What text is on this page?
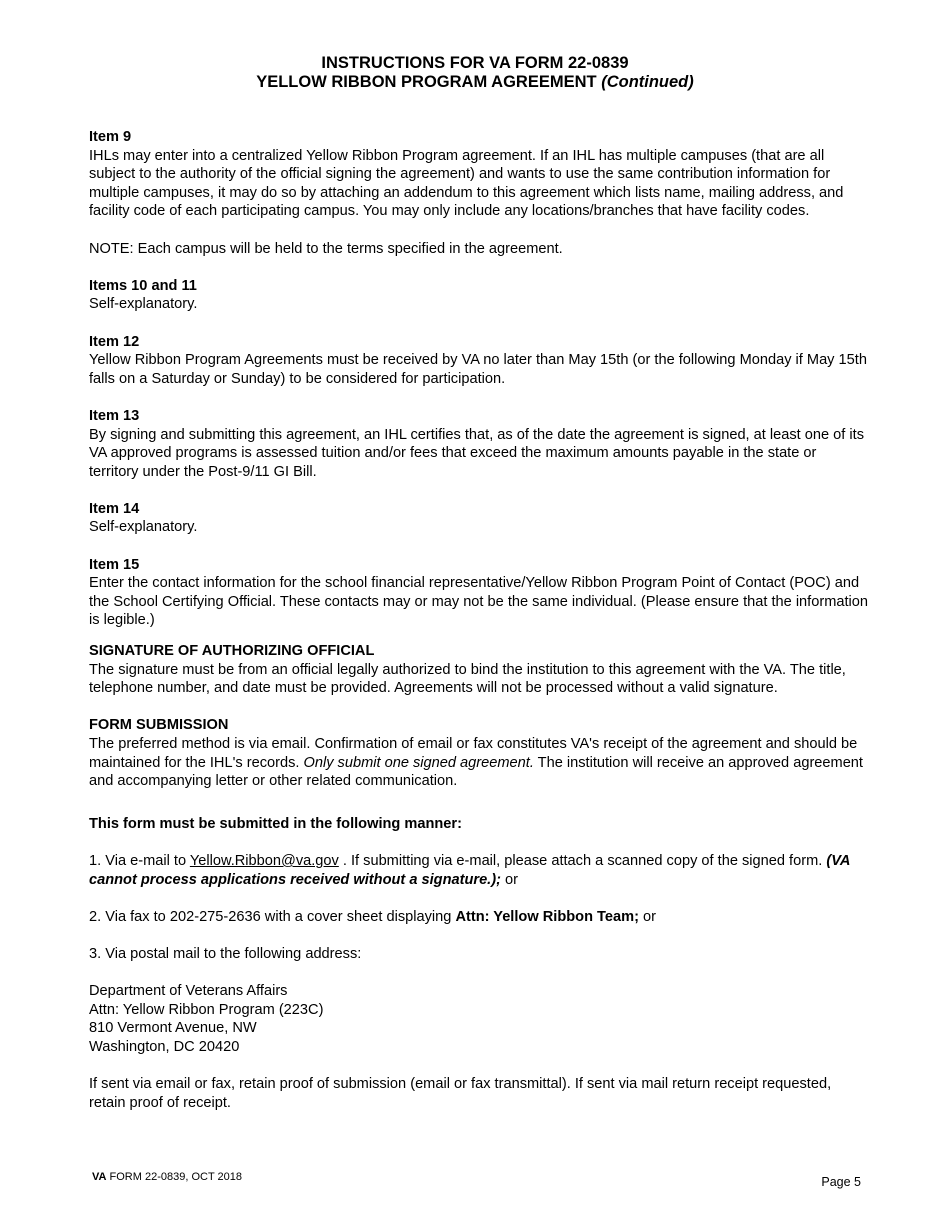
INSTRUCTIONS FOR VA FORM 22-0839
YELLOW RIBBON PROGRAM AGREEMENT (Continued)

Item 9

IHLs may enter into a centralized Yellow Ribbon Program agreement. If an IHL has multiple campuses (that are all subject to the authority of the official signing the agreement) and wants to use the same contribution information for multiple campuses, it may do so by attaching an addendum to this agreement which lists name, mailing address, and facility code of each participating campus. You may only include any locations/branches that have facility codes.

NOTE: Each campus will be held to the terms specified in the agreement.

Items 10 and 11

Self-explanatory.

Item 12

Yellow Ribbon Program Agreements must be received by VA no later than May 15th (or the following Monday if May 15th falls on a Saturday or Sunday) to be considered for participation.

Item 13

By signing and submitting this agreement, an IHL certifies that, as of the date the agreement is signed, at least one of its VA approved programs is assessed tuition and/or fees that exceed the maximum amounts payable in the state or territory under the Post-9/11 GI Bill.

Item 14

Self-explanatory.

Item 15

Enter the contact information for the school financial representative/Yellow Ribbon Program Point of Contact (POC) and the School Certifying Official. These contacts may or may not be the same individual. (Please ensure that the information is legible.)

SIGNATURE OF AUTHORIZING OFFICIAL

The signature must be from an official legally authorized to bind the institution to this agreement with the VA. The title, telephone number, and date must be provided. Agreements will not be processed without a valid signature.

FORM SUBMISSION

The preferred method is via email. Confirmation of email or fax constitutes VA's receipt of the agreement and should be maintained for the IHL's records. Only submit one signed agreement. The institution will receive an approved agreement and accompanying letter or other related communication.

This form must be submitted in the following manner:

1. Via e-mail to Yellow.Ribbon@va.gov . If submitting via e-mail, please attach a scanned copy of the signed form. (VA cannot process applications received without a signature.); or

2. Via fax to 202-275-2636 with a cover sheet displaying Attn: Yellow Ribbon Team; or

3. Via postal mail to the following address:

Department of Veterans Affairs

Attn: Yellow Ribbon Program (223C)

810 Vermont Avenue, NW

Washington, DC 20420

If sent via email or fax, retain proof of submission (email or fax transmittal). If sent via mail return receipt requested, retain proof of receipt.

VA FORM 22-0839, OCT 2018	Page 5
